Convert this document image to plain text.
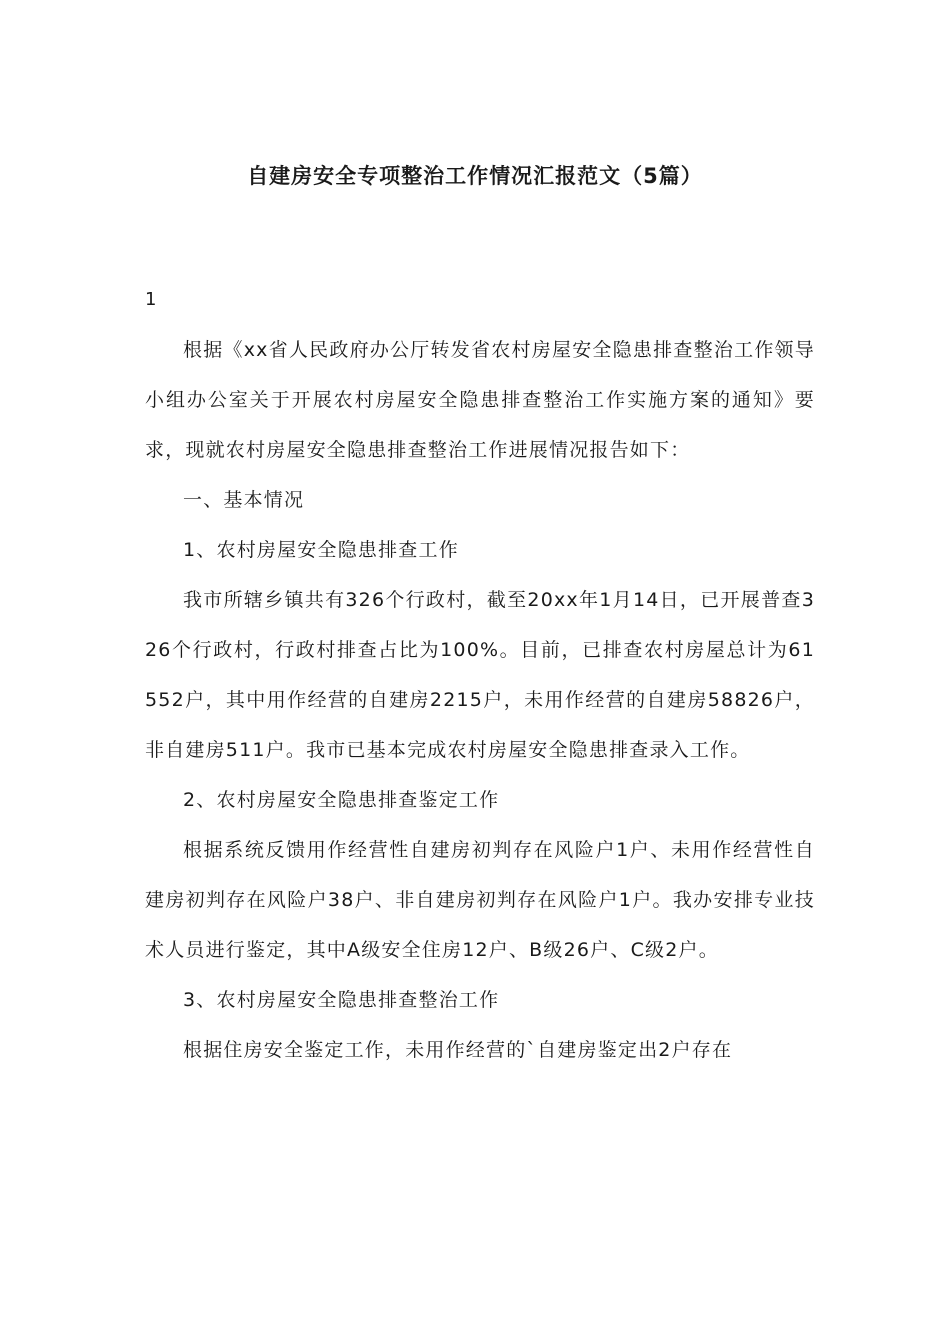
自建房安全专项整治工作情况汇报范文（5篇）
1

根据《xx省人民政府办公厅转发省农村房屋安全隐患排查整治工作领导小组办公室关于开展农村房屋安全隐患排查整治工作实施方案的通知》要求，现就农村房屋安全隐患排查整治工作进展情况报告如下：

一、基本情况

1、农村房屋安全隐患排查工作

我市所辖乡镇共有326个行政村，截至20xx年1月14日，已开展普查326个行政村，行政村排查占比为100%。目前，已排查农村房屋总计为61552户，其中用作经营的自建房2215户，未用作经营的自建房58826户，非自建房511户。我市已基本完成农村房屋安全隐患排查录入工作。

2、农村房屋安全隐患排查鉴定工作

根据系统反馈用作经营性自建房初判存在风险户1户、未用作经营性自建房初判存在风险户38户、非自建房初判存在风险户1户。我办安排专业技术人员进行鉴定，其中A级安全住房12户、B级26户、C级2户。

3、农村房屋安全隐患排查整治工作

根据住房安全鉴定工作，未用作经营的`自建房鉴定出2户存在
